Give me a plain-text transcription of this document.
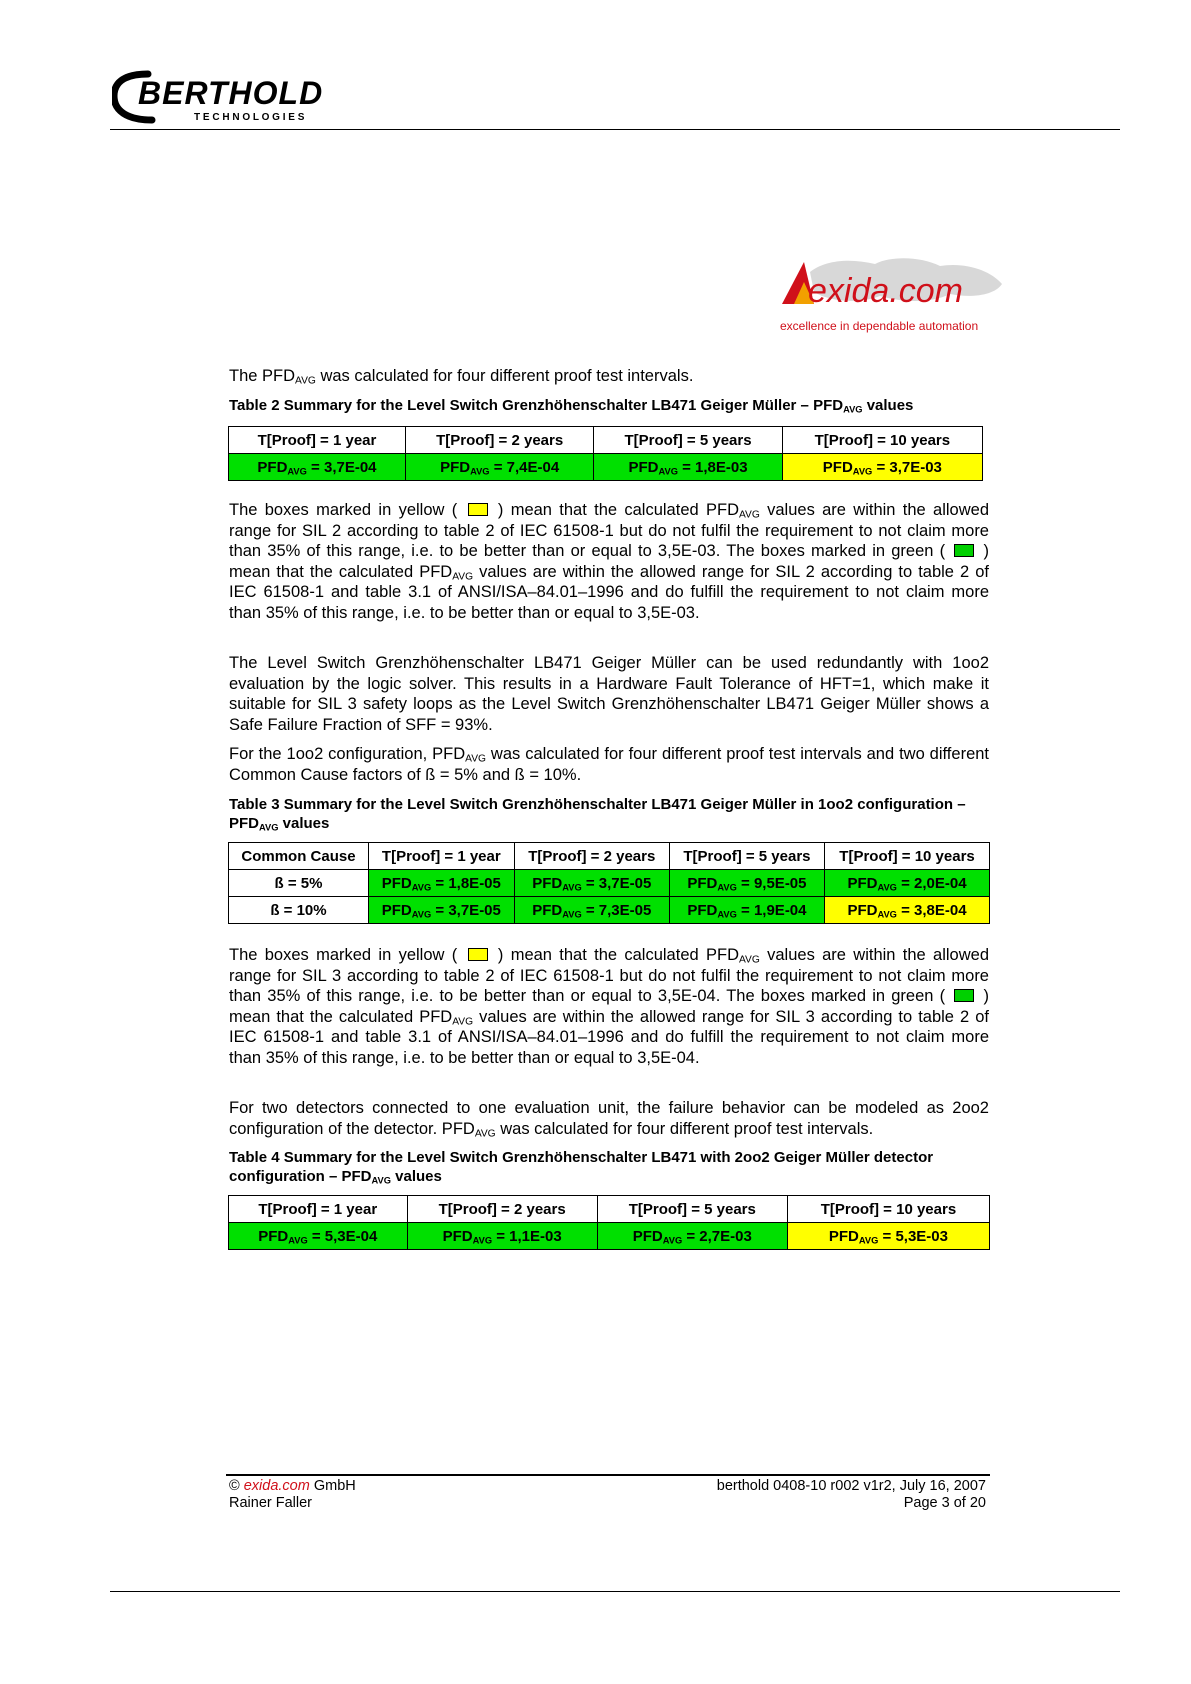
BERTHOLD
T E C H N O L O G I E S
exida.com
excellence in dependable automation

The $PFD_{AVG}$ was calculated for four different proof test intervals.

Table 2 Summary for the Level Switch Grenzhöhenschalter LB471 Geiger Müller – $PFD_{AVG}$ values
T[Proof] = 1 year	T[Proof] = 2 years	T[Proof] = 5 years	T[Proof] = 10 years
$PFD_{AVG} = 3,7E-04$	$PFD_{AVG} = 7,4E-04$	$PFD_{AVG} = 1,8E-03$	$PFD_{AVG} = 3,7E-03$

The boxes marked in yellow ( ) mean that the calculated $PFD_{AVG}$ values are within the allowed range for SIL 2 according to table 2 of IEC 61508-1 but do not fulfil the requirement to not claim more than 35% of this range, i.e. to be better than or equal to 3,5E-03. The boxes marked in green ( ) mean that the calculated $PFD_{AVG}$ values are within the allowed range for SIL 2 according to table 2 of IEC 61508-1 and table 3.1 of ANSI/ISA–84.01–1996 and do fulfill the requirement to not claim more than 35% of this range, i.e. to be better than or equal to 3,5E-03.

The Level Switch Grenzhöhenschalter LB471 Geiger Müller can be used redundantly with 1oo2 evaluation by the logic solver. This results in a Hardware Fault Tolerance of HFT=1, which make it suitable for SIL 3 safety loops as the Level Switch Grenzhöhenschalter LB471 Geiger Müller shows a Safe Failure Fraction of SFF = 93%.

For the 1oo2 configuration, $PFD_{AVG}$ was calculated for four different proof test intervals and two different Common Cause factors of ß = 5% and ß = 10%.

Table 3 Summary for the Level Switch Grenzhöhenschalter LB471 Geiger Müller in 1oo2 configuration – $PFD_{AVG}$ values
Common Cause	T[Proof] = 1 year	T[Proof] = 2 years	T[Proof] = 5 years	T[Proof] = 10 years
ß = 5%	$PFD_{AVG} = 1,8E-05$	$PFD_{AVG} = 3,7E-05$	$PFD_{AVG} = 9,5E-05$	$PFD_{AVG} = 2,0E-04$
ß = 10%	$PFD_{AVG} = 3,7E-05$	$PFD_{AVG} = 7,3E-05$	$PFD_{AVG} = 1,9E-04$	$PFD_{AVG} = 3,8E-04$

The boxes marked in yellow ( ) mean that the calculated $PFD_{AVG}$ values are within the allowed range for SIL 3 according to table 2 of IEC 61508-1 but do not fulfil the requirement to not claim more than 35% of this range, i.e. to be better than or equal to 3,5E-04. The boxes marked in green ( ) mean that the calculated $PFD_{AVG}$ values are within the allowed range for SIL 3 according to table 2 of IEC 61508-1 and table 3.1 of ANSI/ISA–84.01–1996 and do fulfill the requirement to not claim more than 35% of this range, i.e. to be better than or equal to 3,5E-04.

For two detectors connected to one evaluation unit, the failure behavior can be modeled as 2oo2 configuration of the detector. $PFD_{AVG}$ was calculated for four different proof test intervals.

Table 4 Summary for the Level Switch Grenzhöhenschalter LB471 with 2oo2 Geiger Müller detector configuration – $PFD_{AVG}$ values
T[Proof] = 1 year	T[Proof] = 2 years	T[Proof] = 5 years	T[Proof] = 10 years
$PFD_{AVG} = 5,3E-04$	$PFD_{AVG} = 1,1E-03$	$PFD_{AVG} = 2,7E-03$	$PFD_{AVG} = 5,3E-03$
© exida.com GmbH
Rainer Faller
berthold 0408-10 r002 v1r2, July 16, 2007
Page 3 of 20
